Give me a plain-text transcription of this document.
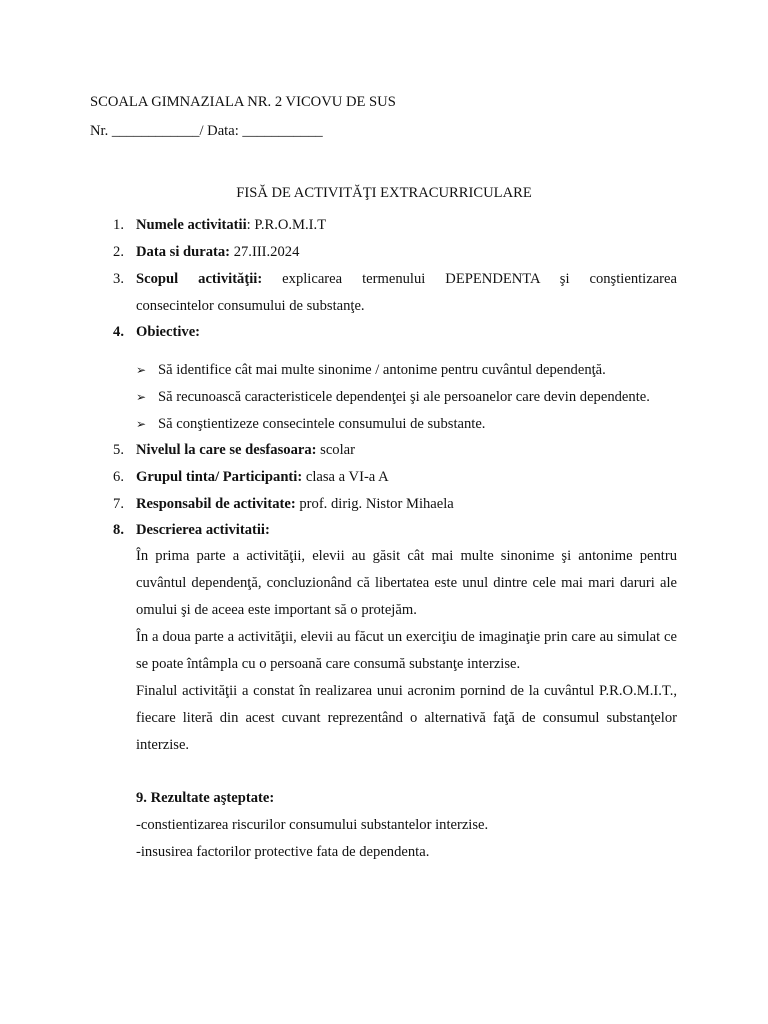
SCOALA GIMNAZIALA NR. 2 VICOVU DE SUS
Nr. ____________/ Data: ___________
FISĂ DE ACTIVITĂŢI EXTRACURRICULARE
1. Numele activitatii: P.R.O.M.I.T
2. Data si durata: 27.III.2024
3. Scopul activităţii: explicarea termenului DEPENDENTA şi conştientizarea
consecintelor consumului de substanţe.
4. Obiective:
➢ Să identifice cât mai multe sinonime / antonime pentru cuvântul dependenţă.
➢ Să recunoască caracteristicele dependenţei şi ale persoanelor care devin dependente.
➢ Să conştientizeze consecintele consumului de substante.
5. Nivelul la care se desfasoara: scolar
6. Grupul tinta/ Participanti: clasa a VI-a A
7. Responsabil de activitate: prof. dirig. Nistor Mihaela
8. Descrierea activitatii:
În prima parte a activităţii, elevii au găsit cât mai multe sinonime şi antonime pentru cuvântul dependenţă, concluzionând că libertatea este unul dintre cele mai mari daruri ale omului şi de aceea este important să o protejăm.
În a doua parte a activităţii, elevii au făcut un exerciţiu de imaginaţie prin care au simulat ce se poate întâmpla cu o persoană care consumă substanţe interzise.
Finalul activităţii a constat în realizarea unui acronim pornind de la cuvântul P.R.O.M.I.T., fiecare literă din acest cuvant reprezentând o alternativă faţă de consumul substanţelor interzise.
9. Rezultate aşteptate:
-constientizarea riscurilor consumului substantelor interzise.
-insusirea factorilor protective fata de dependenta.
